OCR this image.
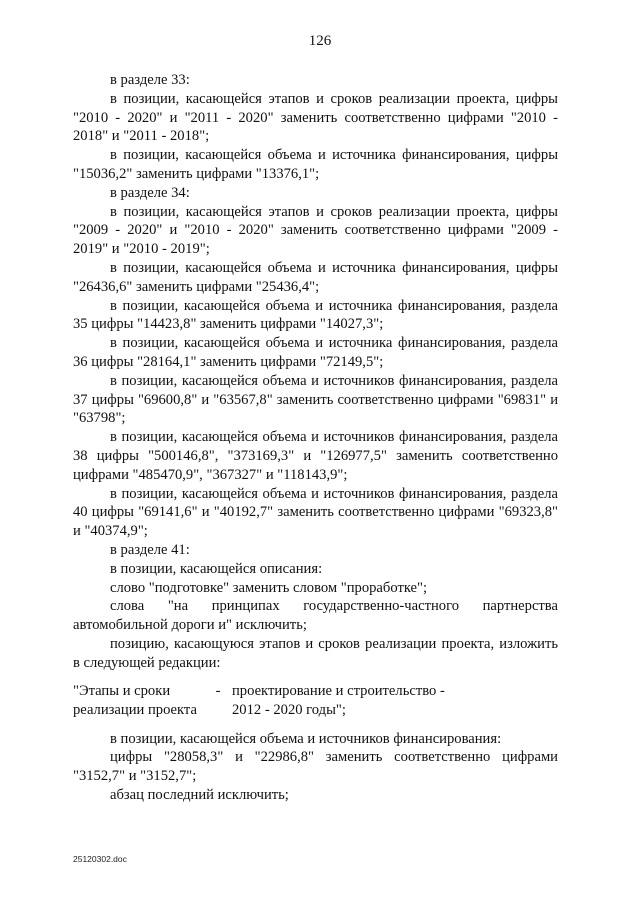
126

в разделе 33:

в позиции, касающейся этапов и сроков реализации проекта, цифры "2010 - 2020" и "2011 - 2020" заменить соответственно цифрами "2010 - 2018" и "2011 - 2018";

в позиции, касающейся объема и источника финансирования, цифры "15036,2" заменить цифрами "13376,1";

в разделе 34:

в позиции, касающейся этапов и сроков реализации проекта, цифры "2009 - 2020" и "2010 - 2020" заменить соответственно цифрами "2009 - 2019" и "2010 - 2019";

в позиции, касающейся объема и источника финансирования, цифры "26436,6" заменить цифрами "25436,4";

в позиции, касающейся объема и источника финансирования, раздела 35 цифры "14423,8" заменить цифрами "14027,3";

в позиции, касающейся объема и источника финансирования, раздела 36 цифры "28164,1" заменить цифрами "72149,5";

в позиции, касающейся объема и источников финансирования, раздела 37 цифры "69600,8" и "63567,8" заменить соответственно цифрами "69831" и "63798";

в позиции, касающейся объема и источников финансирования, раздела 38 цифры "500146,8", "373169,3" и "126977,5" заменить соответственно цифрами "485470,9", "367327" и "118143,9";

в позиции, касающейся объема и источников финансирования, раздела 40 цифры "69141,6" и "40192,7" заменить соответственно цифрами "69323,8" и "40374,9";

в разделе 41:

в позиции, касающейся описания:

слово "подготовке" заменить словом "проработке";

слова "на принципах государственно-частного партнерства автомобильной дороги и" исключить;

позицию, касающуюся этапов и сроков реализации проекта, изложить в следующей редакции:

"Этапы и сроки
реализации проекта
- проектирование и строительство -
2012 - 2020 годы";

в позиции, касающейся объема и источников финансирования:

цифры "28058,3" и "22986,8" заменить соответственно цифрами "3152,7" и "3152,7";

абзац последний исключить;

25120302.doc
